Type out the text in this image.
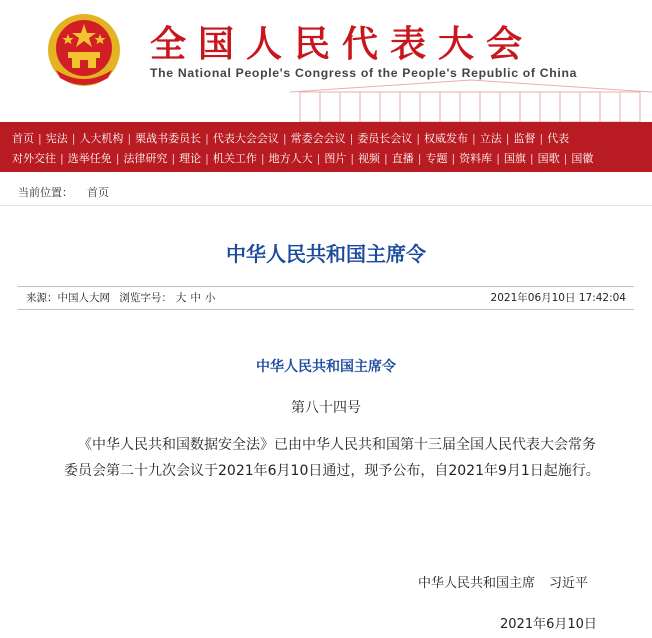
全国人民代表大会
The National People's Congress of the People's Republic of China
首页 | 宪法 | 人大机构 | 栗战书委员长 | 代表大会会议 | 常委会会议 | 委员长会议 | 权威发布 | 立法 | 监督 | 代表
对外交往 | 选举任免 | 法律研究 | 理论 | 机关工作 | 地方人大 | 图片 | 视频 | 直播 | 专题 | 资料库 | 国旗 | 国歌 | 国徽
当前位置： 首页
中华人民共和国主席令
来源：中国人大网 浏览字号： 大 中 小	2021年06月10日 17:42:04
中华人民共和国主席令
第八十四号

《中华人民共和国数据安全法》已由中华人民共和国第十三届全国人民代表大会常务委员会第二十九次会议于2021年6月10日通过，现予公布，自2021年9月1日起施行。

中华人民共和国主席 习近平
2021年6月10日
